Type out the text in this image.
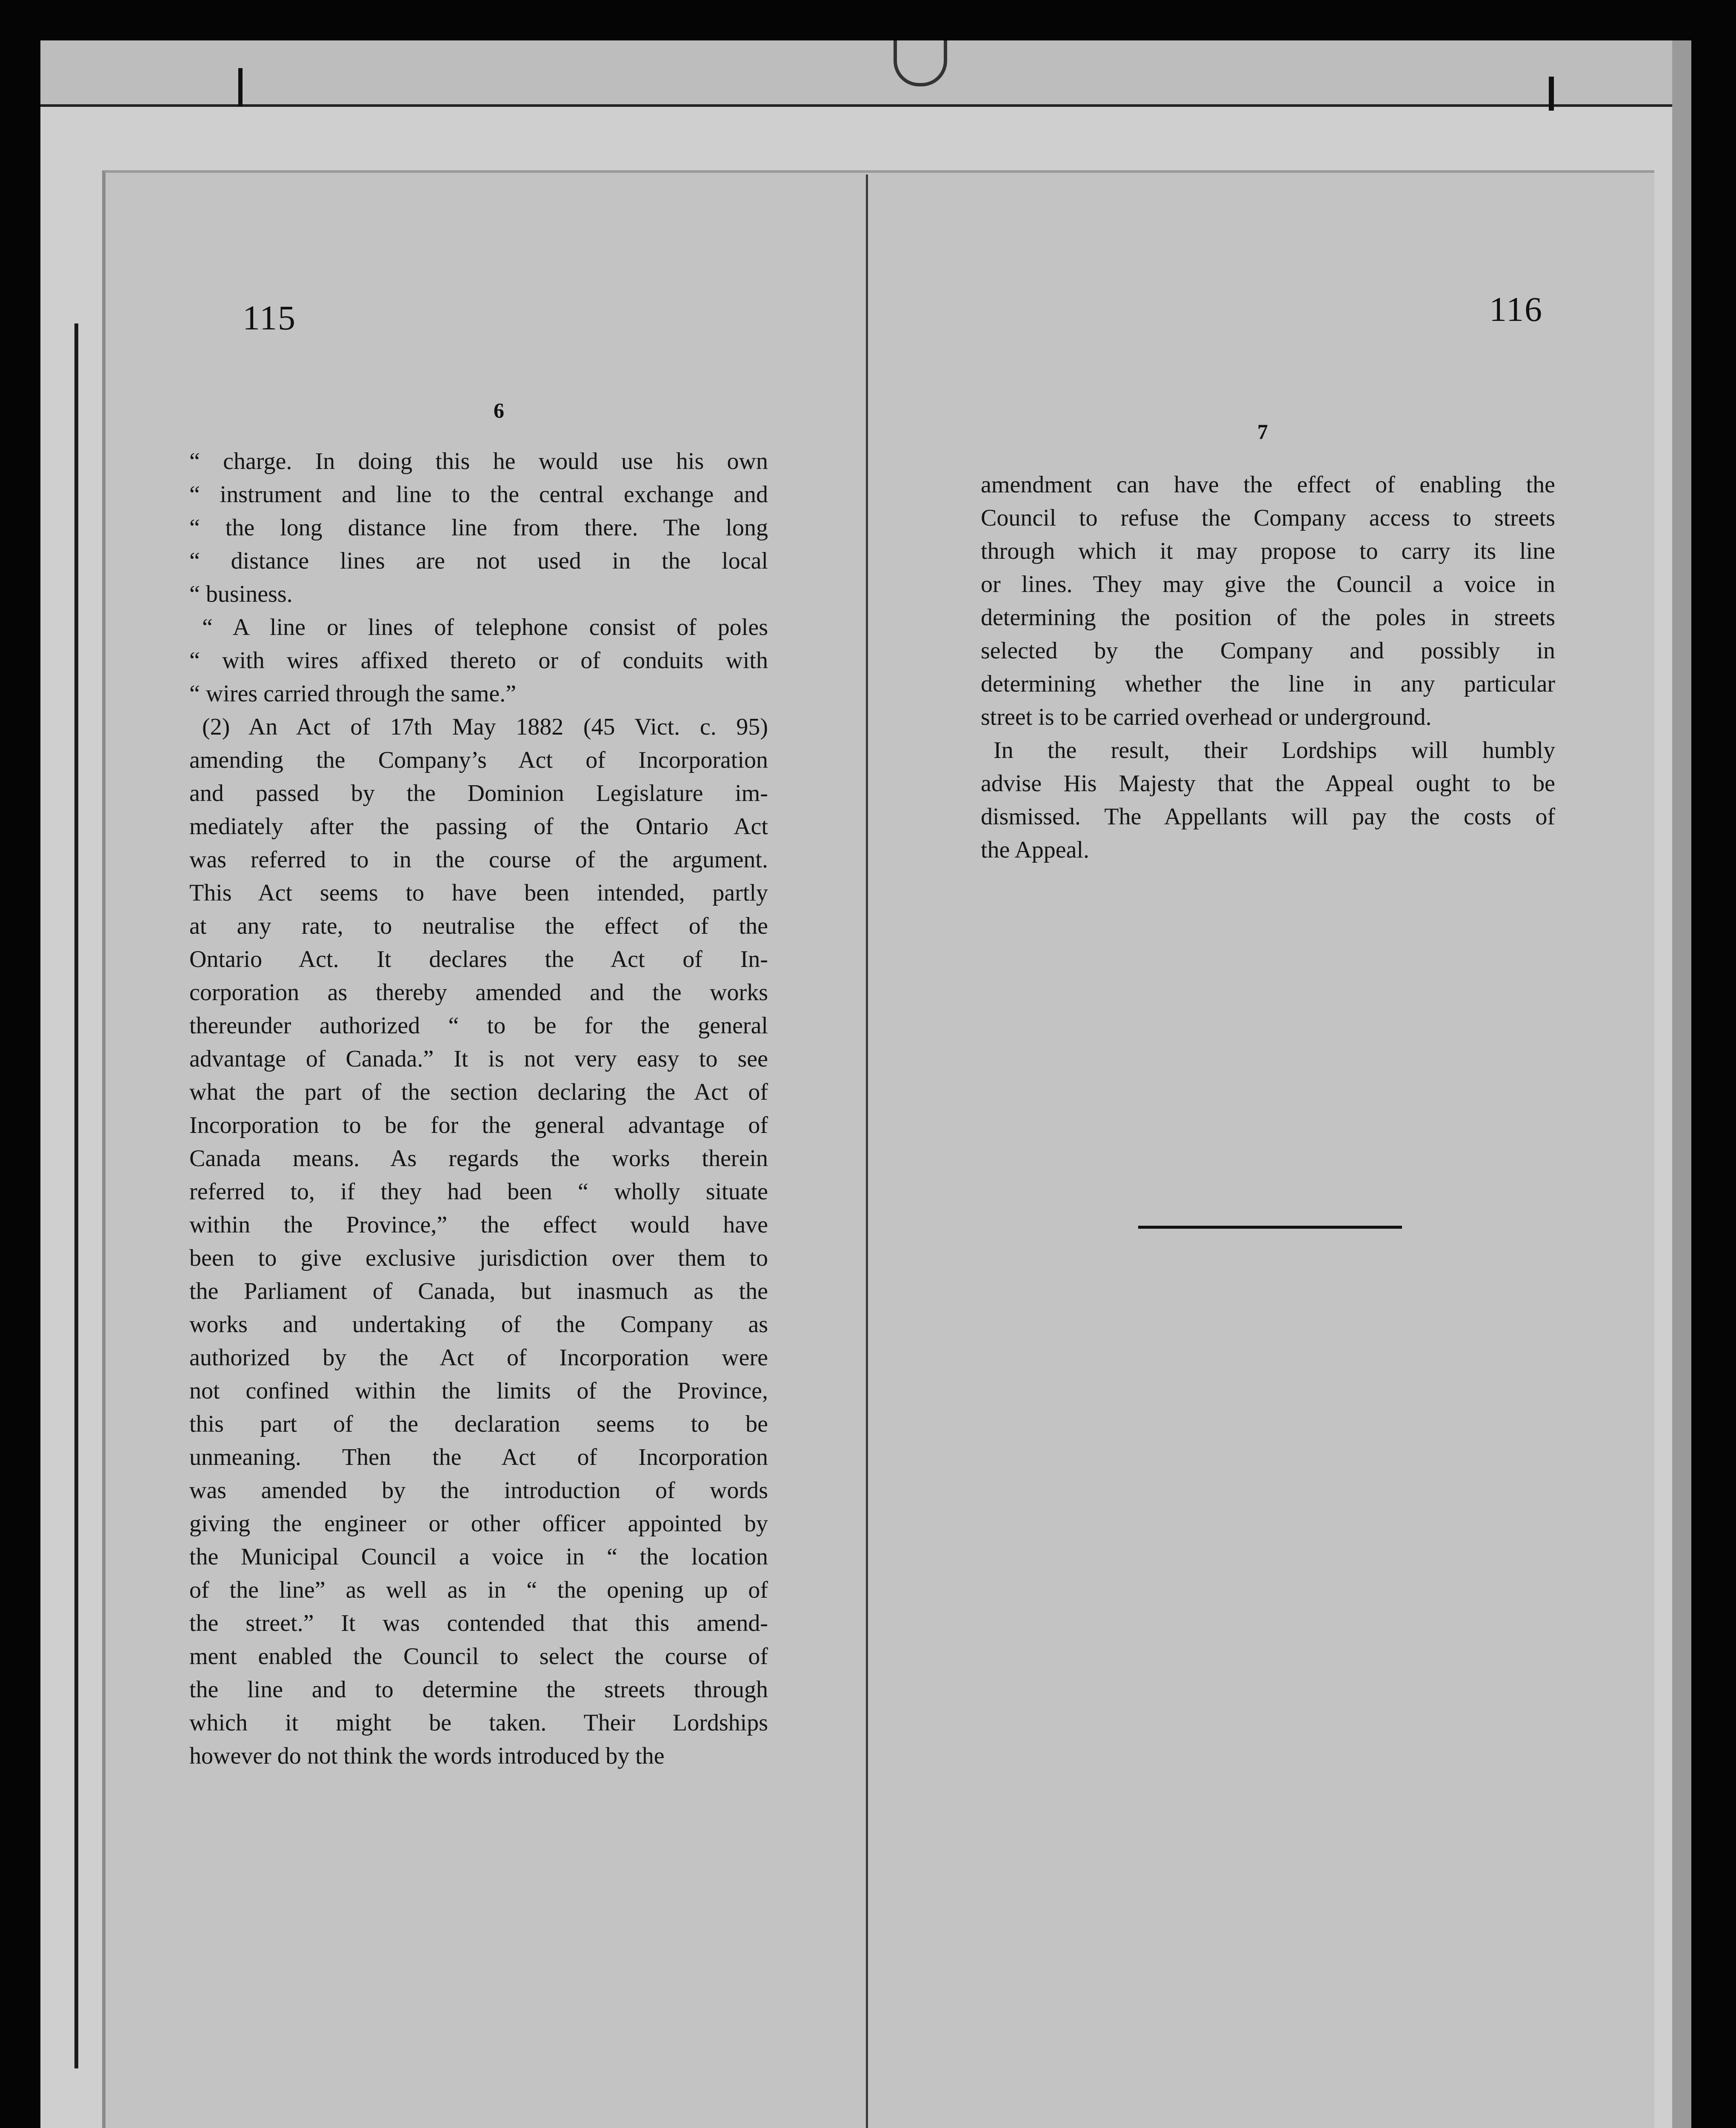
115	116
6
7
“ charge. In doing this he would use his own
“ instrument and line to the central exchange and
“ the long distance line from there. The long
“ distance lines are not used in the local
“ business.
“ A line or lines of telephone consist of poles
“ with wires affixed thereto or of conduits with
“ wires carried through the same.”
(2) An Act of 17th May 1882 (45 Vict. c. 95)
amending the Company’s Act of Incorporation
and passed by the Dominion Legislature im-
mediately after the passing of the Ontario Act
was referred to in the course of the argument.
This Act seems to have been intended, partly
at any rate, to neutralise the effect of the
Ontario Act. It declares the Act of In-
corporation as thereby amended and the works
thereunder authorized “ to be for the general
advantage of Canada.” It is not very easy to see
what the part of the section declaring the Act of
Incorporation to be for the general advantage of
Canada means. As regards the works therein
referred to, if they had been “ wholly situate
within the Province,” the effect would have
been to give exclusive jurisdiction over them to
the Parliament of Canada, but inasmuch as the
works and undertaking of the Company as
authorized by the Act of Incorporation were
not confined within the limits of the Province,
this part of the declaration seems to be
unmeaning. Then the Act of Incorporation
was amended by the introduction of words
giving the engineer or other officer appointed by
the Municipal Council a voice in “ the location
of the line” as well as in “ the opening up of
the street.” It was contended that this amend-
ment enabled the Council to select the course of
the line and to determine the streets through
which it might be taken. Their Lordships
however do not think the words introduced by the
amendment can have the effect of enabling the
Council to refuse the Company access to streets
through which it may propose to carry its line
or lines. They may give the Council a voice in
determining the position of the poles in streets
selected by the Company and possibly in
determining whether the line in any particular
street is to be carried overhead or underground.
In the result, their Lordships will humbly
advise His Majesty that the Appeal ought to be
dismissed. The Appellants will pay the costs of
the Appeal.
